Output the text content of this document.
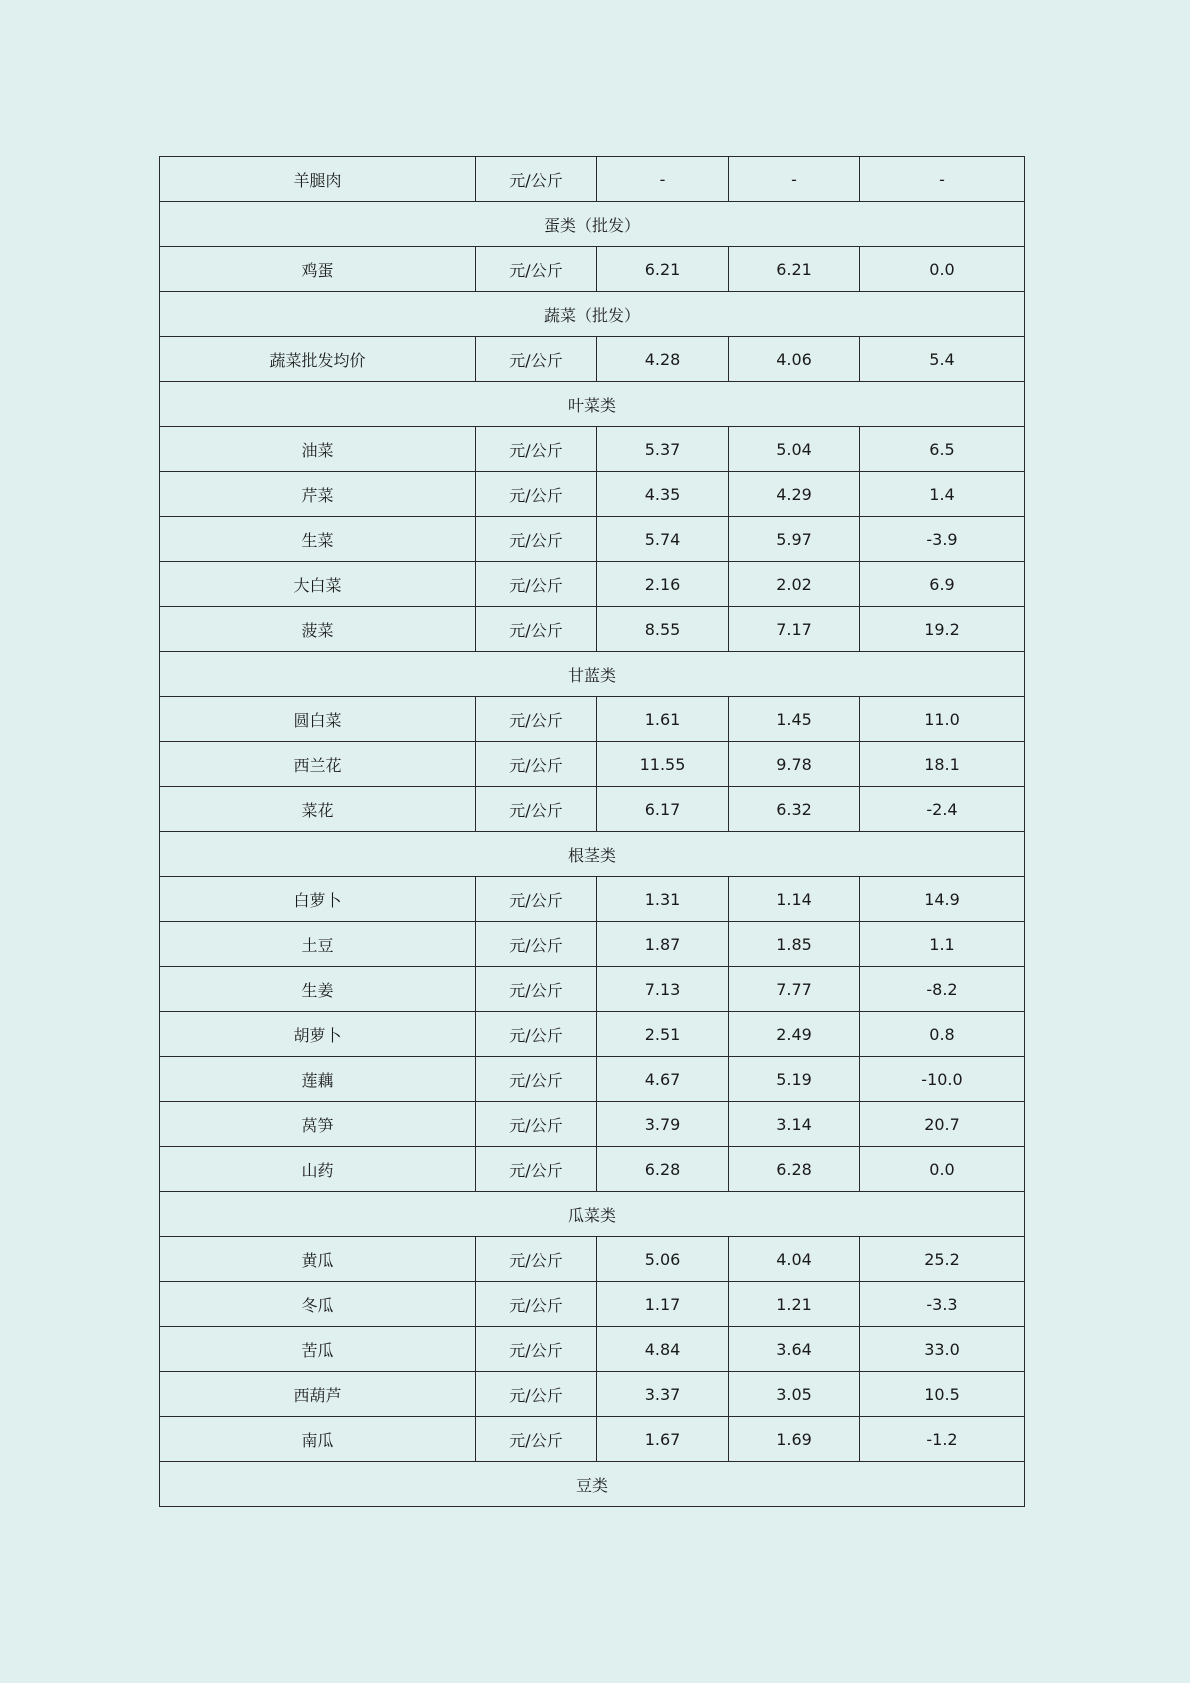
羊腿肉	元/公斤	-	-	-
蛋类（批发）				
鸡蛋	元/公斤	6.21	6.21	0.0
蔬菜（批发）				
蔬菜批发均价	元/公斤	4.28	4.06	5.4
叶菜类				
油菜	元/公斤	5.37	5.04	6.5
芹菜	元/公斤	4.35	4.29	1.4
生菜	元/公斤	5.74	5.97	-3.9
大白菜	元/公斤	2.16	2.02	6.9
菠菜	元/公斤	8.55	7.17	19.2
甘蓝类				
圆白菜	元/公斤	1.61	1.45	11.0
西兰花	元/公斤	11.55	9.78	18.1
菜花	元/公斤	6.17	6.32	-2.4
根茎类				
白萝卜	元/公斤	1.31	1.14	14.9
土豆	元/公斤	1.87	1.85	1.1
生姜	元/公斤	7.13	7.77	-8.2
胡萝卜	元/公斤	2.51	2.49	0.8
莲藕	元/公斤	4.67	5.19	-10.0
莴笋	元/公斤	3.79	3.14	20.7
山药	元/公斤	6.28	6.28	0.0
瓜菜类				
黄瓜	元/公斤	5.06	4.04	25.2
冬瓜	元/公斤	1.17	1.21	-3.3
苦瓜	元/公斤	4.84	3.64	33.0
西葫芦	元/公斤	3.37	3.05	10.5
南瓜	元/公斤	1.67	1.69	-1.2
豆类				
